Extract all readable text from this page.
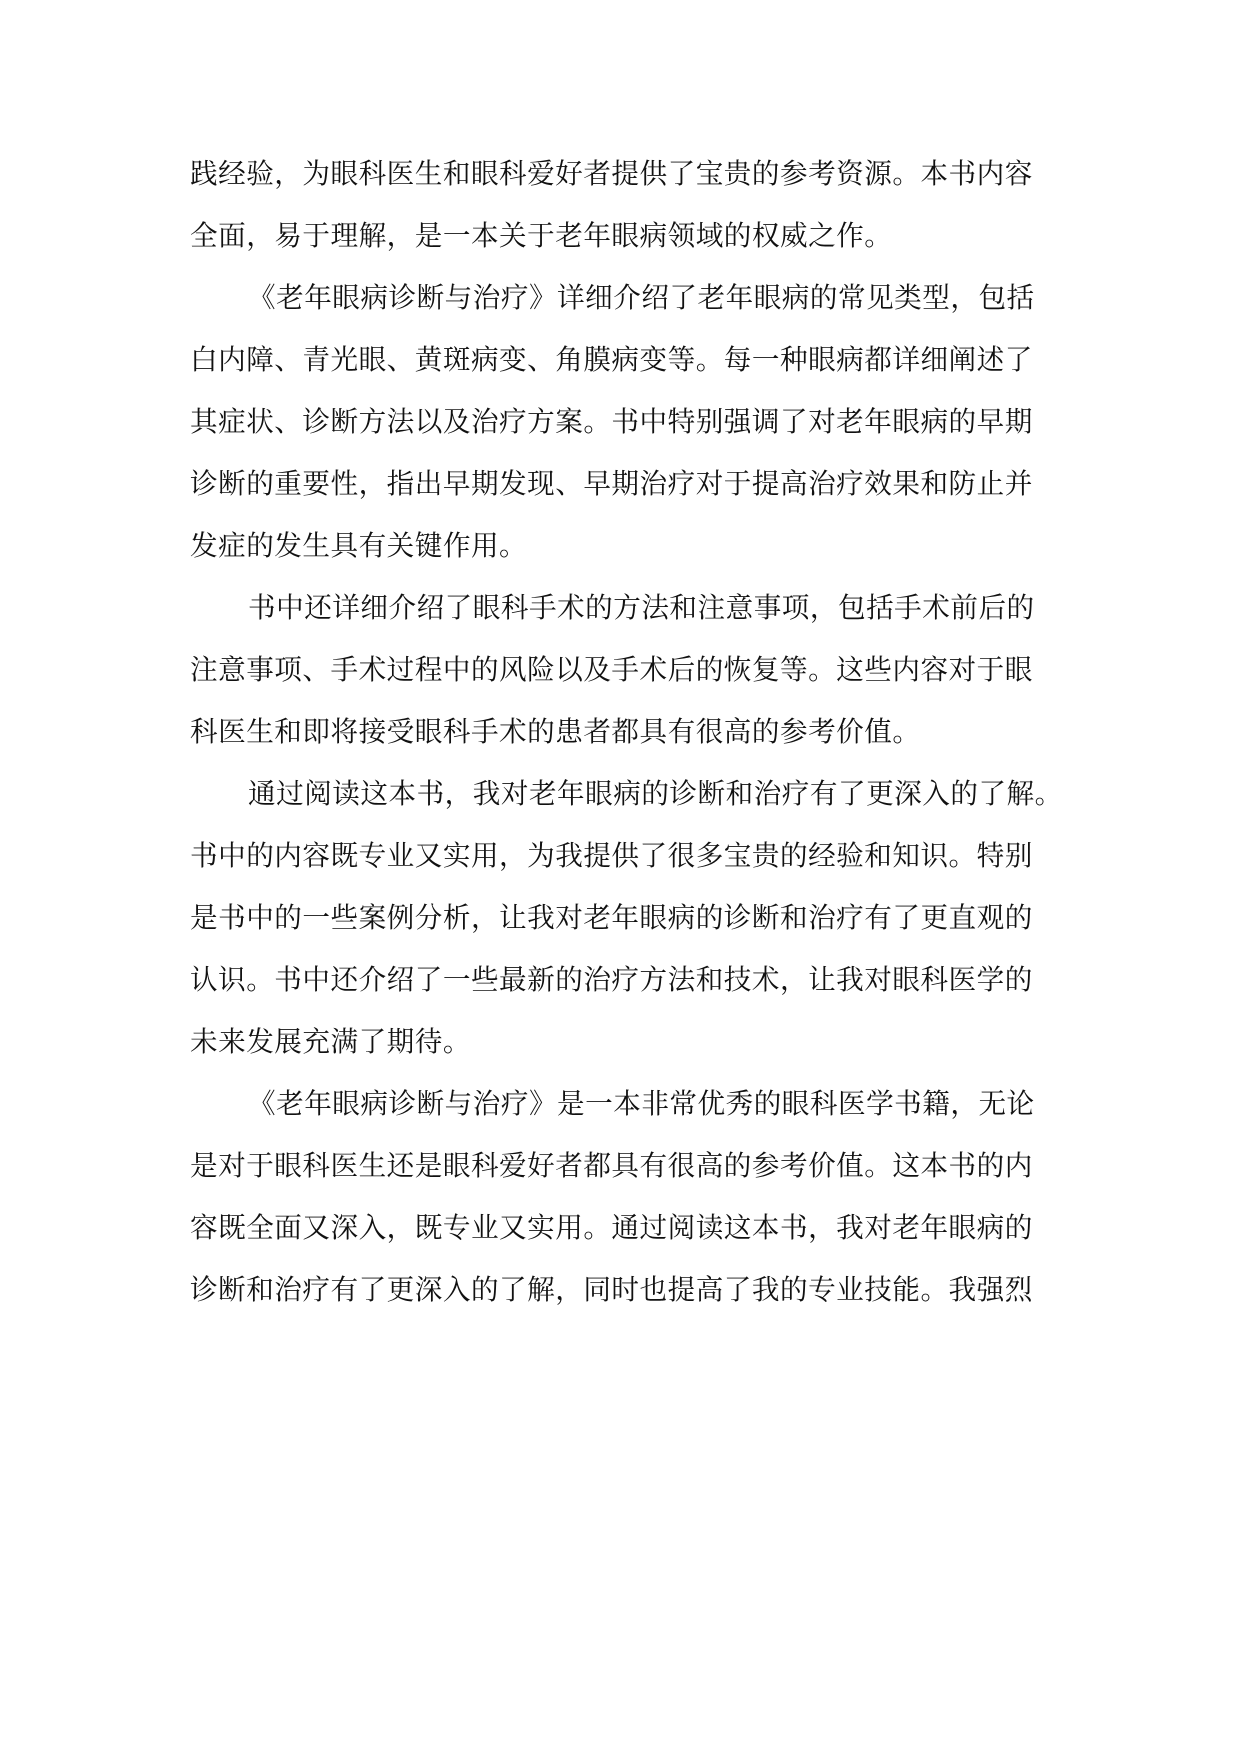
践经验，为眼科医生和眼科爱好者提供了宝贵的参考资源。本书内容
全面，易于理解，是一本关于老年眼病领域的权威之作。
《老年眼病诊断与治疗》详细介绍了老年眼病的常见类型，包括
白内障、青光眼、黄斑病变、角膜病变等。每一种眼病都详细阐述了
其症状、诊断方法以及治疗方案。书中特别强调了对老年眼病的早期
诊断的重要性，指出早期发现、早期治疗对于提高治疗效果和防止并
发症的发生具有关键作用。
书中还详细介绍了眼科手术的方法和注意事项，包括手术前后的
注意事项、手术过程中的风险以及手术后的恢复等。这些内容对于眼
科医生和即将接受眼科手术的患者都具有很高的参考价值。
通过阅读这本书，我对老年眼病的诊断和治疗有了更深入的了解。
书中的内容既专业又实用，为我提供了很多宝贵的经验和知识。特别
是书中的一些案例分析，让我对老年眼病的诊断和治疗有了更直观的
认识。书中还介绍了一些最新的治疗方法和技术，让我对眼科医学的
未来发展充满了期待。
《老年眼病诊断与治疗》是一本非常优秀的眼科医学书籍，无论
是对于眼科医生还是眼科爱好者都具有很高的参考价值。这本书的内
容既全面又深入，既专业又实用。通过阅读这本书，我对老年眼病的
诊断和治疗有了更深入的了解，同时也提高了我的专业技能。我强烈
